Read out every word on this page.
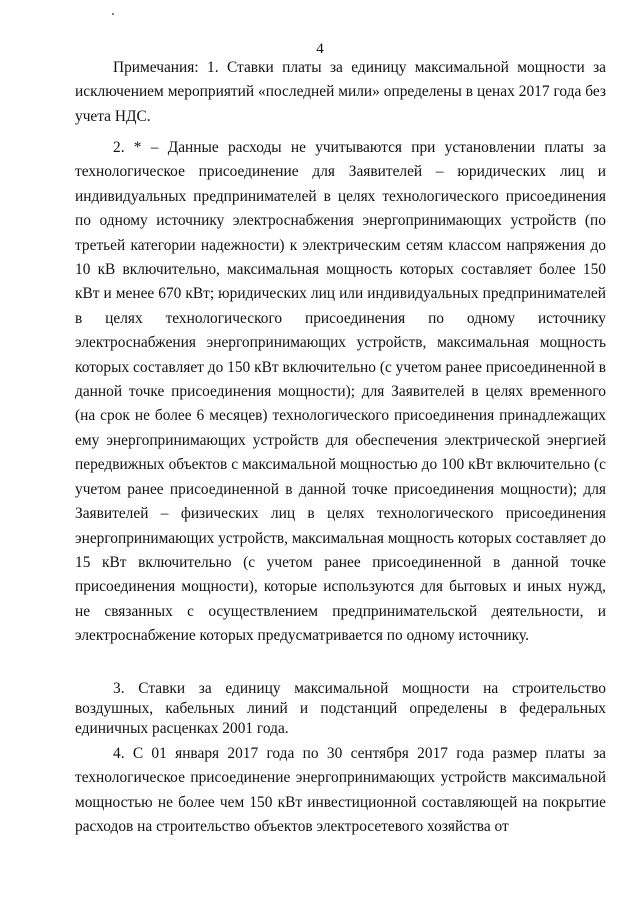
4

Примечания: 1. Ставки платы за единицу максимальной мощности за исключением мероприятий «последней мили» определены в ценах 2017 года без учета НДС.

2. * – Данные расходы не учитываются при установлении платы за технологическое присоединение для Заявителей – юридических лиц и индивидуальных предпринимателей в целях технологического присоединения по одному источнику электроснабжения энергопринимающих устройств (по третьей категории надежности) к электрическим сетям классом напряжения до 10 кВ включительно, максимальная мощность которых составляет более 150 кВт и менее 670 кВт; юридических лиц или индивидуальных предпринимателей в целях технологического присоединения по одному источнику электроснабжения энергопринимающих устройств, максимальная мощность которых составляет до 150 кВт включительно (с учетом ранее присоединенной в данной точке присоединения мощности); для Заявителей в целях временного (на срок не более 6 месяцев) технологического присоединения принадлежащих ему энергопринимающих устройств для обеспечения электрической энергией передвижных объектов с максимальной мощностью до 100 кВт включительно (с учетом ранее присоединенной в данной точке присоединения мощности); для Заявителей – физических лиц в целях технологического присоединения энергопринимающих устройств, максимальная мощность которых составляет до 15 кВт включительно (с учетом ранее присоединенной в данной точке присоединения мощности), которые используются для бытовых и иных нужд, не связанных с осуществлением предпринимательской деятельности, и электроснабжение которых предусматривается по одному источнику.

3. Ставки за единицу максимальной мощности на строительство воздушных, кабельных линий и подстанций определены в федеральных единичных расценках 2001 года.

4. С 01 января 2017 года по 30 сентября 2017 года размер платы за технологическое присоединение энергопринимающих устройств максимальной мощностью не более чем 150 кВт инвестиционной составляющей на покрытие расходов на строительство объектов электросетевого хозяйства от
